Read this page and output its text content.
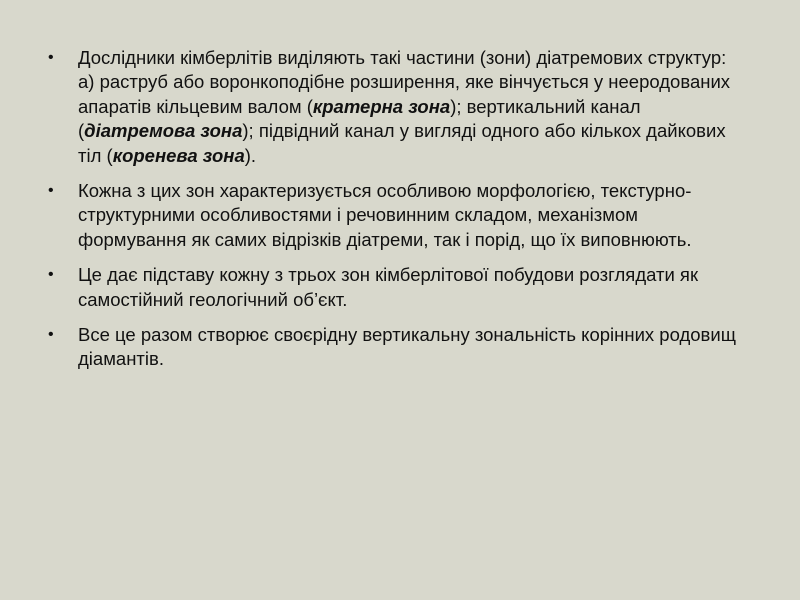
•	Дослідники кімберлітів виділяють такі частини (зони) діатремових структур: а) раструб або воронкоподібне розширення, яке вінчується у нееродованих апаратів кільцевим валом (кратерна зона); вертикальний канал (діатремова зона); підвідний канал у вигляді одного або кількох дайкових тіл (коренева зона).
•	Кожна з цих зон характеризується особливою морфологією, текстурно-структурними особливостями і речовинним складом, механізмом формування як самих відрізків діатреми, так і порід, що їх виповнюють.
•	Це дає підставу кожну з трьох зон кімберлітової побудови розглядати як самостійний геологічний об’єкт.
•	Все це разом створює своєрідну вертикальну зональність корінних родовищ діамантів.
